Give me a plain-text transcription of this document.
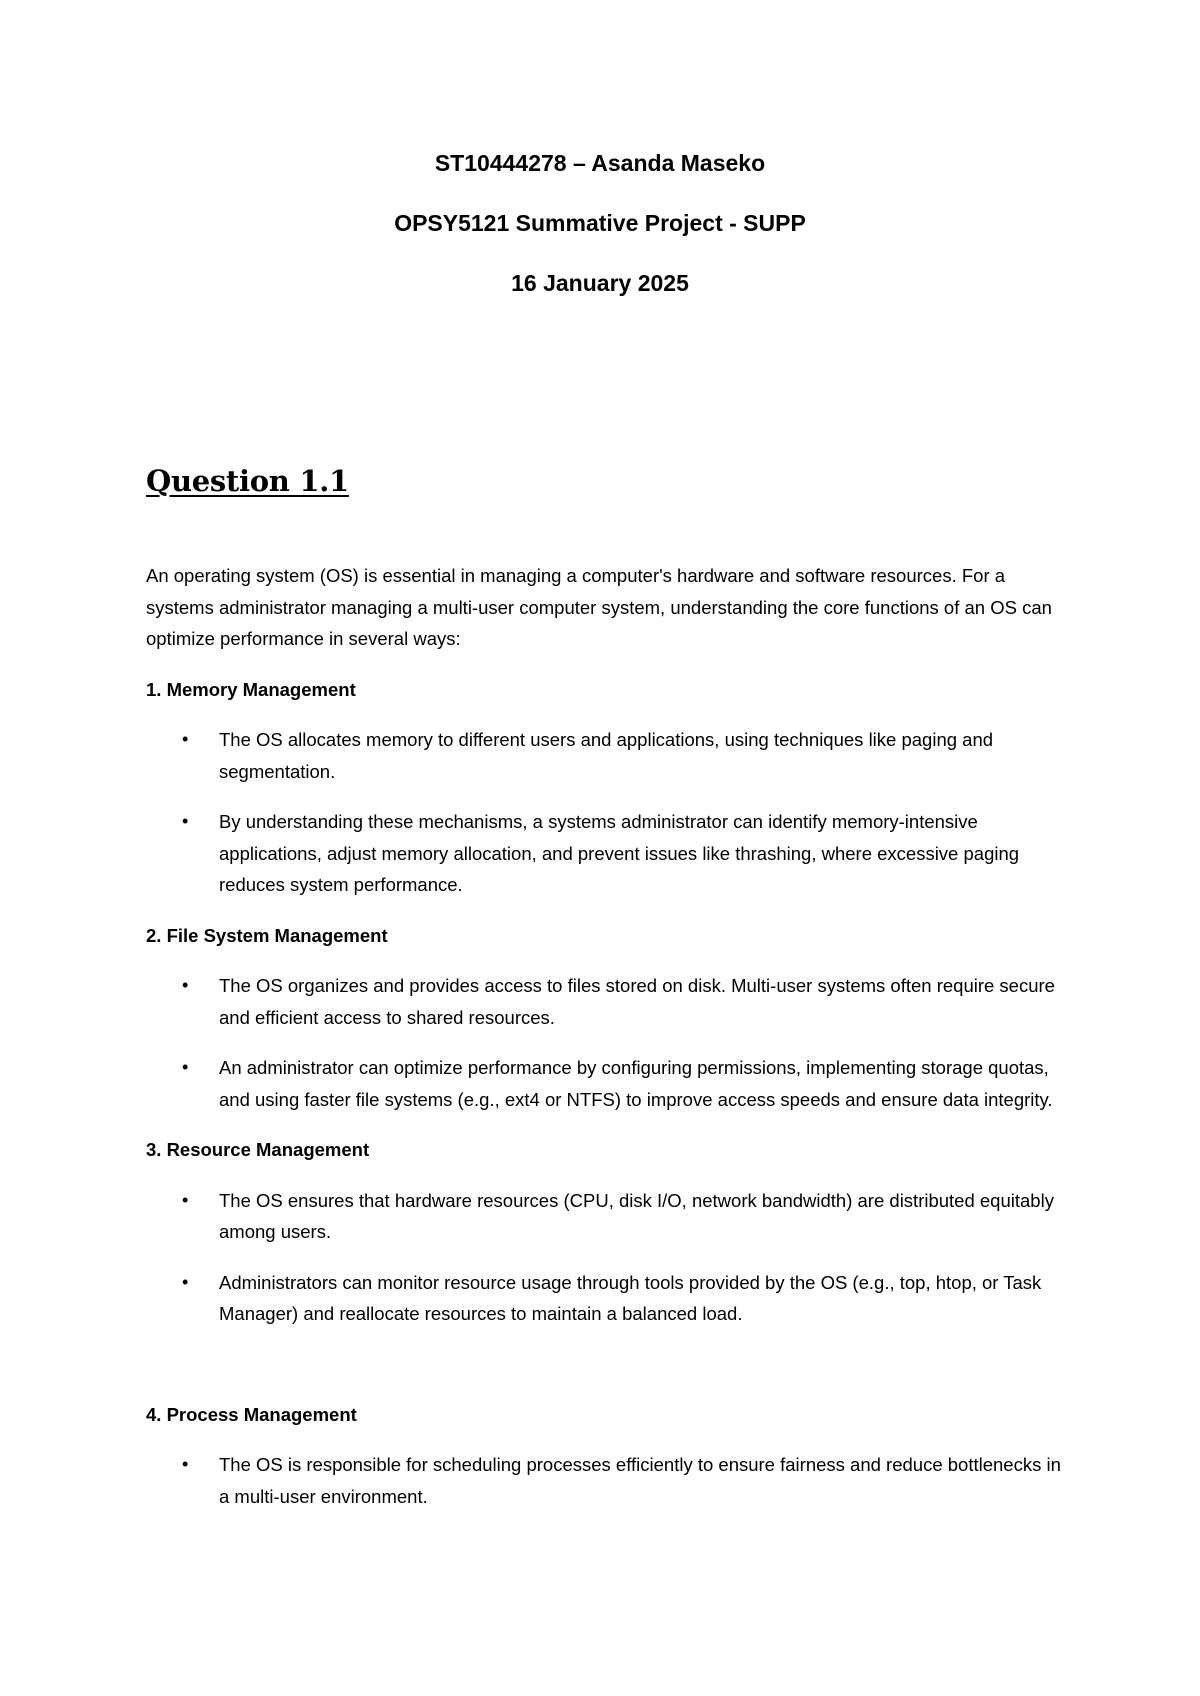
ST10444278 – Asanda Maseko
OPSY5121 Summative Project - SUPP
16 January 2025
Question 1.1

An operating system (OS) is essential in managing a computer's hardware and software resources. For a systems administrator managing a multi-user computer system, understanding the core functions of an OS can optimize performance in several ways:

1. Memory Management
• The OS allocates memory to different users and applications, using techniques like paging and segmentation.
• By understanding these mechanisms, a systems administrator can identify memory-intensive applications, adjust memory allocation, and prevent issues like thrashing, where excessive paging reduces system performance.
2. File System Management
• The OS organizes and provides access to files stored on disk. Multi-user systems often require secure and efficient access to shared resources.
• An administrator can optimize performance by configuring permissions, implementing storage quotas, and using faster file systems (e.g., ext4 or NTFS) to improve access speeds and ensure data integrity.
3. Resource Management
• The OS ensures that hardware resources (CPU, disk I/O, network bandwidth) are distributed equitably among users.
• Administrators can monitor resource usage through tools provided by the OS (e.g., top, htop, or Task Manager) and reallocate resources to maintain a balanced load.
4. Process Management
• The OS is responsible for scheduling processes efficiently to ensure fairness and reduce bottlenecks in a multi-user environment.
